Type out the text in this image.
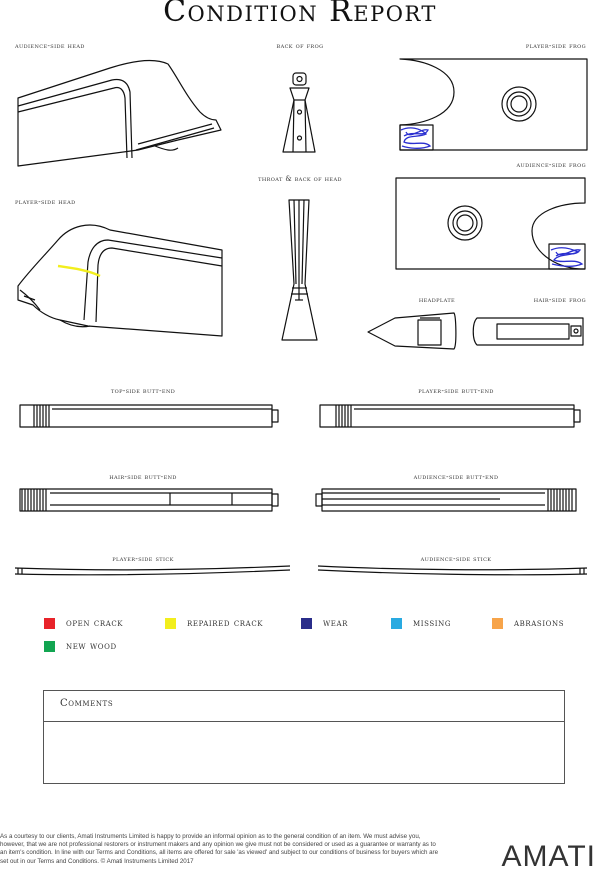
Condition Report
audience-side head	back of frog	player-side frog
audience-side frog
throat & back of head
player-side head
headplate	hair-side frog
top-side butt-end	player-side butt-end
hair-side butt-end	audience-side butt-end
player-side stick	audience-side stick
open crack	repaired crack	wear	missing	abrasions
new wood
Comments
As a courtesy to our clients, Amati Instruments Limited is happy to provide an informal opinion as to the general condition of an item. We must advise you, however, that we are not professional restorers or instrument makers and any opinion we give must not be considered or used as a guarantee or warranty as to an item's condition. In line with our Terms and Conditions, all items are offered for sale 'as viewed' and subject to our conditions of business for buyers which are set out in our Terms and Conditions. © Amati Instruments Limited 2017	AMATI
